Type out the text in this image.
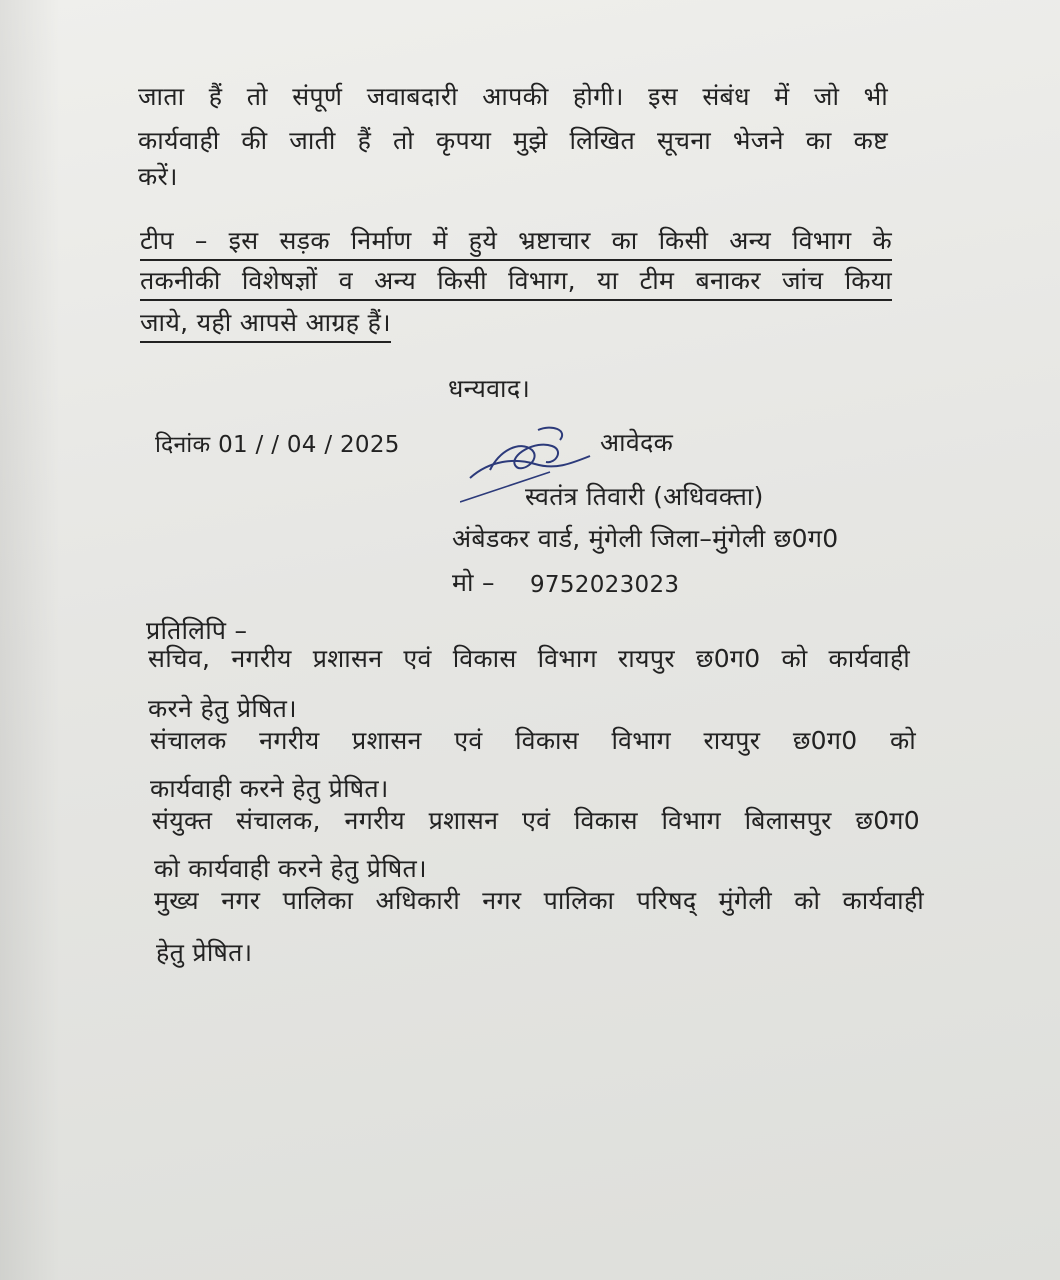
जाता हैं तो संपूर्ण जवाबदारी आपकी होगी। इस संबंध में जो भी
कार्यवाही की जाती हैं तो कृपया मुझे लिखित सूचना भेजने का कष्ट
करें।
टीप – इस सड़क निर्माण में हुये भ्रष्टाचार का किसी अन्य विभाग के
तकनीकी विशेषज्ञों व अन्य किसी विभाग, या टीम बनाकर जांच किया
जाये, यही आपसे आग्रह हैं।
धन्यवाद।
दिनांक 01 / / 04 / 2025	आवेदक
स्वतंत्र तिवारी (अधिवक्ता)
अंबेडकर वार्ड, मुंगेली जिला–मुंगेली छ0ग0
मो – 9752023023
प्रतिलिपि –
सचिव, नगरीय प्रशासन एवं विकास विभाग रायपुर छ0ग0 को कार्यवाही
करने हेतु प्रेषित।
संचालक नगरीय प्रशासन एवं विकास विभाग रायपुर छ0ग0 को
कार्यवाही करने हेतु प्रेषित।
संयुक्त संचालक, नगरीय प्रशासन एवं विकास विभाग बिलासपुर छ0ग0
को कार्यवाही करने हेतु प्रेषित।
मुख्य नगर पालिका अधिकारी नगर पालिका परिषद् मुंगेली को कार्यवाही
हेतु प्रेषित।
